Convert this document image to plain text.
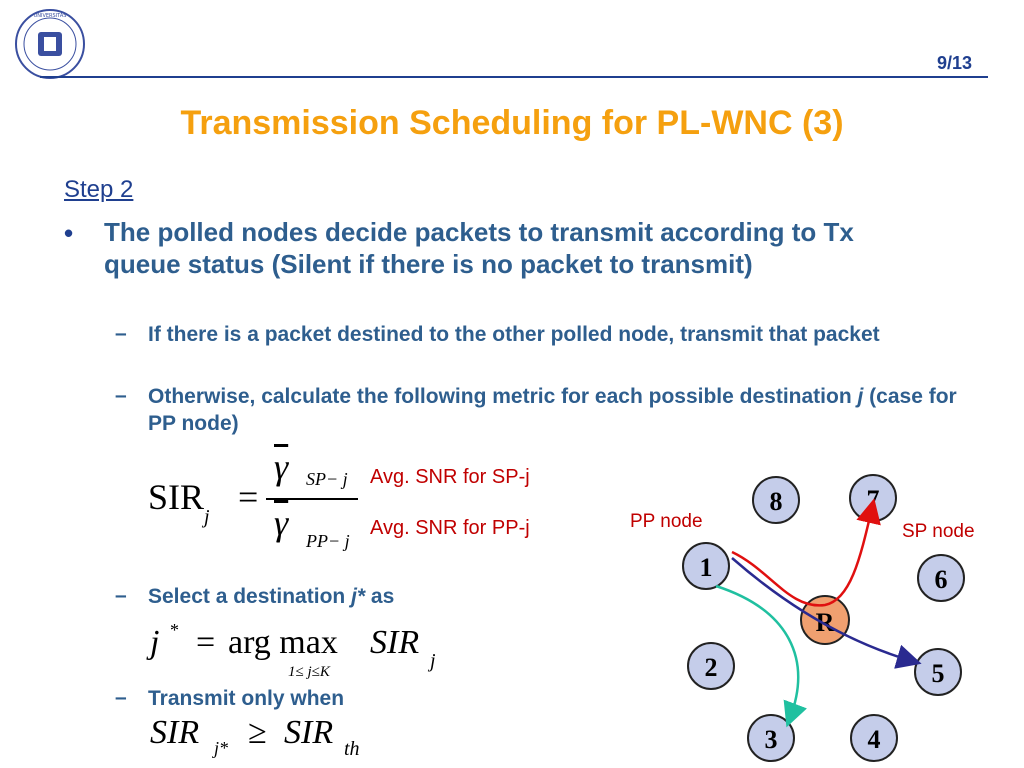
UNIVERSITAS
9/13
Transmission Scheduling for PL-WNC (3)
Step 2
• The polled nodes decide packets to transmit according to Tx queue status (Silent if there is no packet to transmit)
– If there is a packet destined to the other polled node, transmit that packet
– Otherwise, calculate the following metric for each possible destination j (case for PP node)
$SIR_j$
=
$\overline{\gamma}$ SP− j
$\overline{\gamma}$ PP− j
Avg. SNR for SP-j
Avg. SNR for PP-j
– Select a destination j* as
j * = arg max
1≤ j≤K
SIR j
– Transmit only when
SIR j* ≥ SIR th
PP node	SP node
8	7
1	6
2	5
3	4
R
